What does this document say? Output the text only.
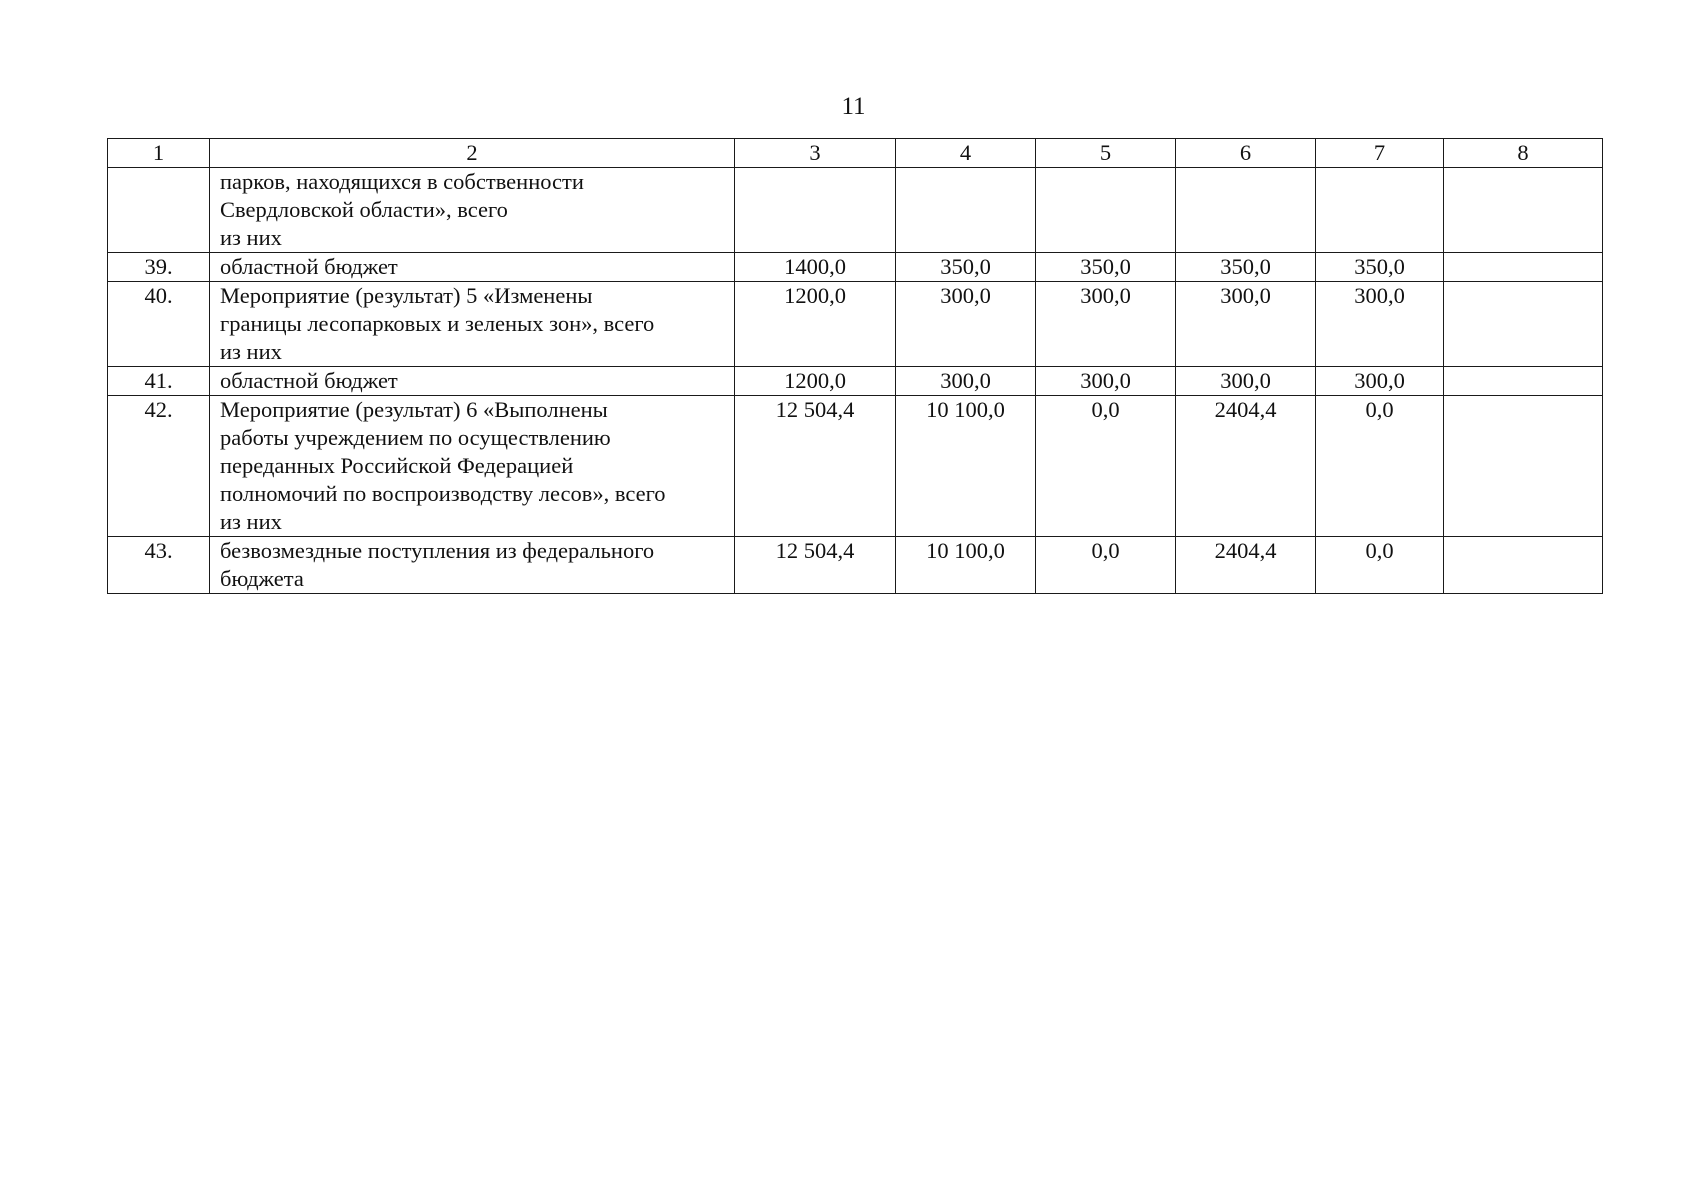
11
1	2	3	4	5	6	7	8

	парков, находящихся в собственности
Свердловской области», всего
из них						

39.	областной бюджет	1400,0	350,0	350,0	350,0	350,0	
40.	Мероприятие (результат) 5 «Изменены
границы лесопарковых и зеленых зон», всего
из них	1200,0	300,0	300,0	300,0	300,0	
41.	областной бюджет	1200,0	300,0	300,0	300,0	300,0	
42.	Мероприятие (результат) 6 «Выполнены
работы учреждением по осуществлению
переданных Российской Федерацией
полномочий по воспроизводству лесов», всего
из них	12 504,4	10 100,0	0,0	2404,4	0,0	
43.	безвозмездные поступления из федерального
бюджета	12 504,4	10 100,0	0,0	2404,4	0,0	
